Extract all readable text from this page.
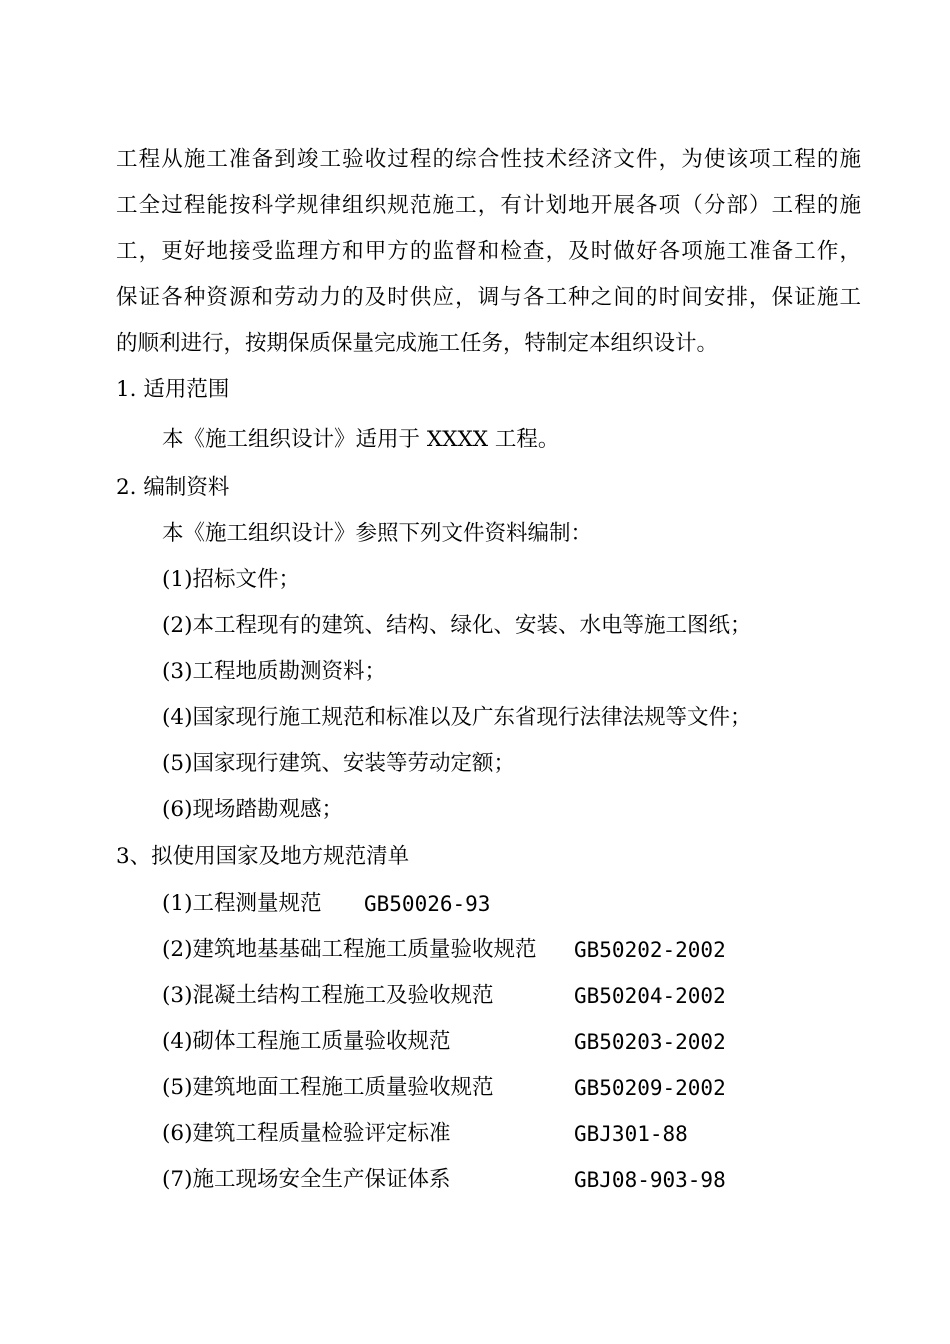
工程从施工准备到竣工验收过程的综合性技术经济文件，为使该项工程的施
工全过程能按科学规律组织规范施工，有计划地开展各项（分部）工程的施
工，更好地接受监理方和甲方的监督和检查，及时做好各项施工准备工作，
保证各种资源和劳动力的及时供应，调与各工种之间的时间安排，保证施工
的顺利进行，按期保质保量完成施工任务，特制定本组织设计。
1. 适用范围
本《施工组织设计》适用于 XXXX 工程。
2. 编制资料
本《施工组织设计》参照下列文件资料编制：
(1)招标文件；
(2)本工程现有的建筑、结构、绿化、安装、水电等施工图纸；
(3)工程地质勘测资料；
(4)国家现行施工规范和标准以及广东省现行法律法规等文件；
(5)国家现行建筑、安装等劳动定额；
(6)现场踏勘观感；
3、拟使用国家及地方规范清单
(1)工程测量规范 GB50026-93
(2)建筑地基基础工程施工质量验收规范 GB50202-2002
(3)混凝土结构工程施工及验收规范	GB50204-2002
(4)砌体工程施工质量验收规范	GB50203-2002
(5)建筑地面工程施工质量验收规范	GB50209-2002
(6)建筑工程质量检验评定标准	GBJ301-88
(7)施工现场安全生产保证体系	GBJ08-903-98
